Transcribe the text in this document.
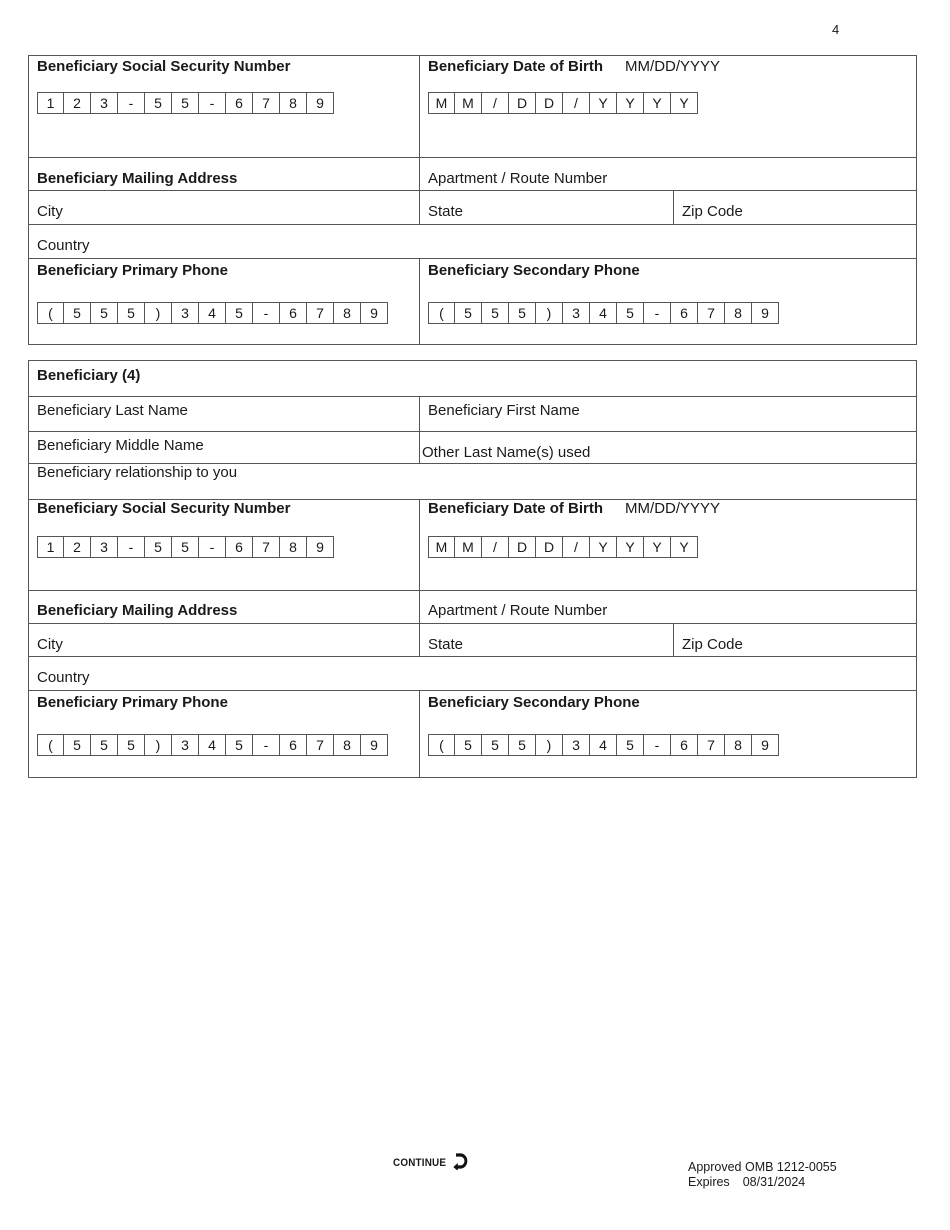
4
Beneficiary Social Security Number
1	2	3	-	5	5	-	6	7	8	9
Beneficiary Date of Birth MM/DD/YYYY
M	M	/	D	D	/	Y	Y	Y	Y
Beneficiary Mailing Address	Apartment / Route Number
City	State	Zip Code
Country
Beneficiary Primary Phone
(	5	5	5	)	3	4	5	-	6	7	8	9
Beneficiary Secondary Phone
(	5	5	5	)	3	4	5	-	6	7	8	9
Beneficiary (4)
Beneficiary Last Name	Beneficiary First Name
Beneficiary Middle Name	Other Last Name(s) used
Beneficiary relationship to you
Beneficiary Social Security Number
1	2	3	-	5	5	-	6	7	8	9
Beneficiary Date of Birth MM/DD/YYYY
M	M	/	D	D	/	Y	Y	Y	Y
Beneficiary Mailing Address	Apartment / Route Number
City	State	Zip Code
Country
Beneficiary Primary Phone
(	5	5	5	)	3	4	5	-	6	7	8	9
Beneficiary Secondary Phone
(	5	5	5	)	3	4	5	-	6	7	8	9
CONTINUE	Approved OMB 1212-0055
Expires 08/31/2024
